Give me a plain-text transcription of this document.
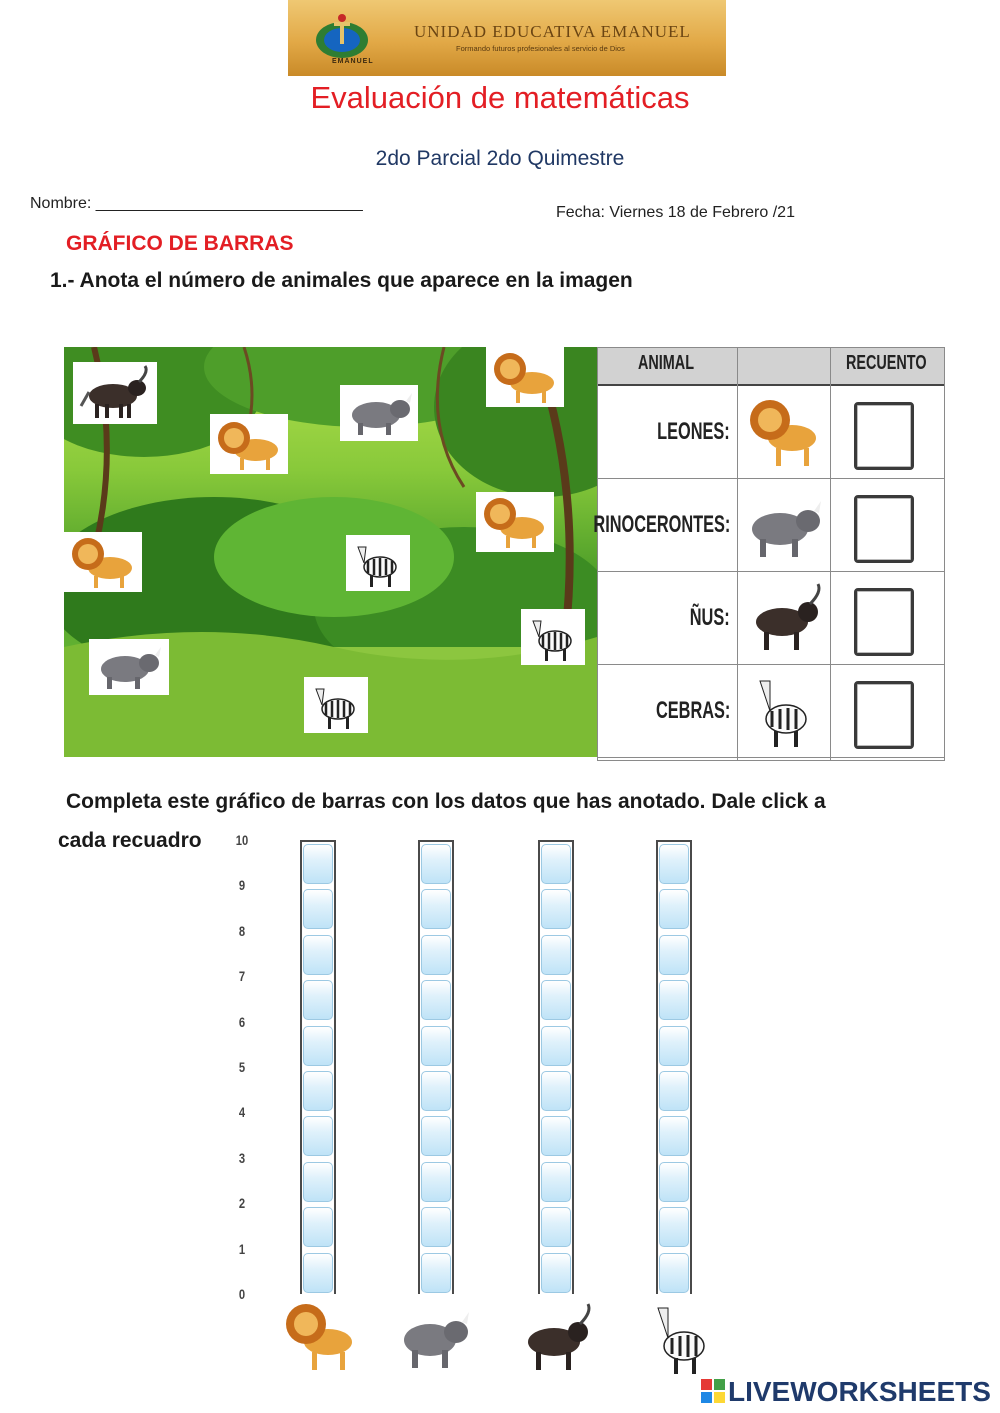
EMANUEL
UNIDAD EDUCATIVA EMANUEL
Formando futuros profesionales al servicio de Dios
Evaluación de matemáticas
2do Parcial 2do Quimestre
Nombre: ______________________________
Fecha: Viernes 18 de Febrero /21
GRÁFICO DE BARRAS
1.- Anota el número de animales que aparece en la imagen
ANIMAL	RECUENTO
LEONES:
RINOCERONTES:
ÑUS:
CEBRAS:
Completa este gráfico de barras con los datos que has anotado. Dale click a
cada recuadro
0
1
2
3
4
5
6
7
8
9
10
LIVEWORKSHEETS
